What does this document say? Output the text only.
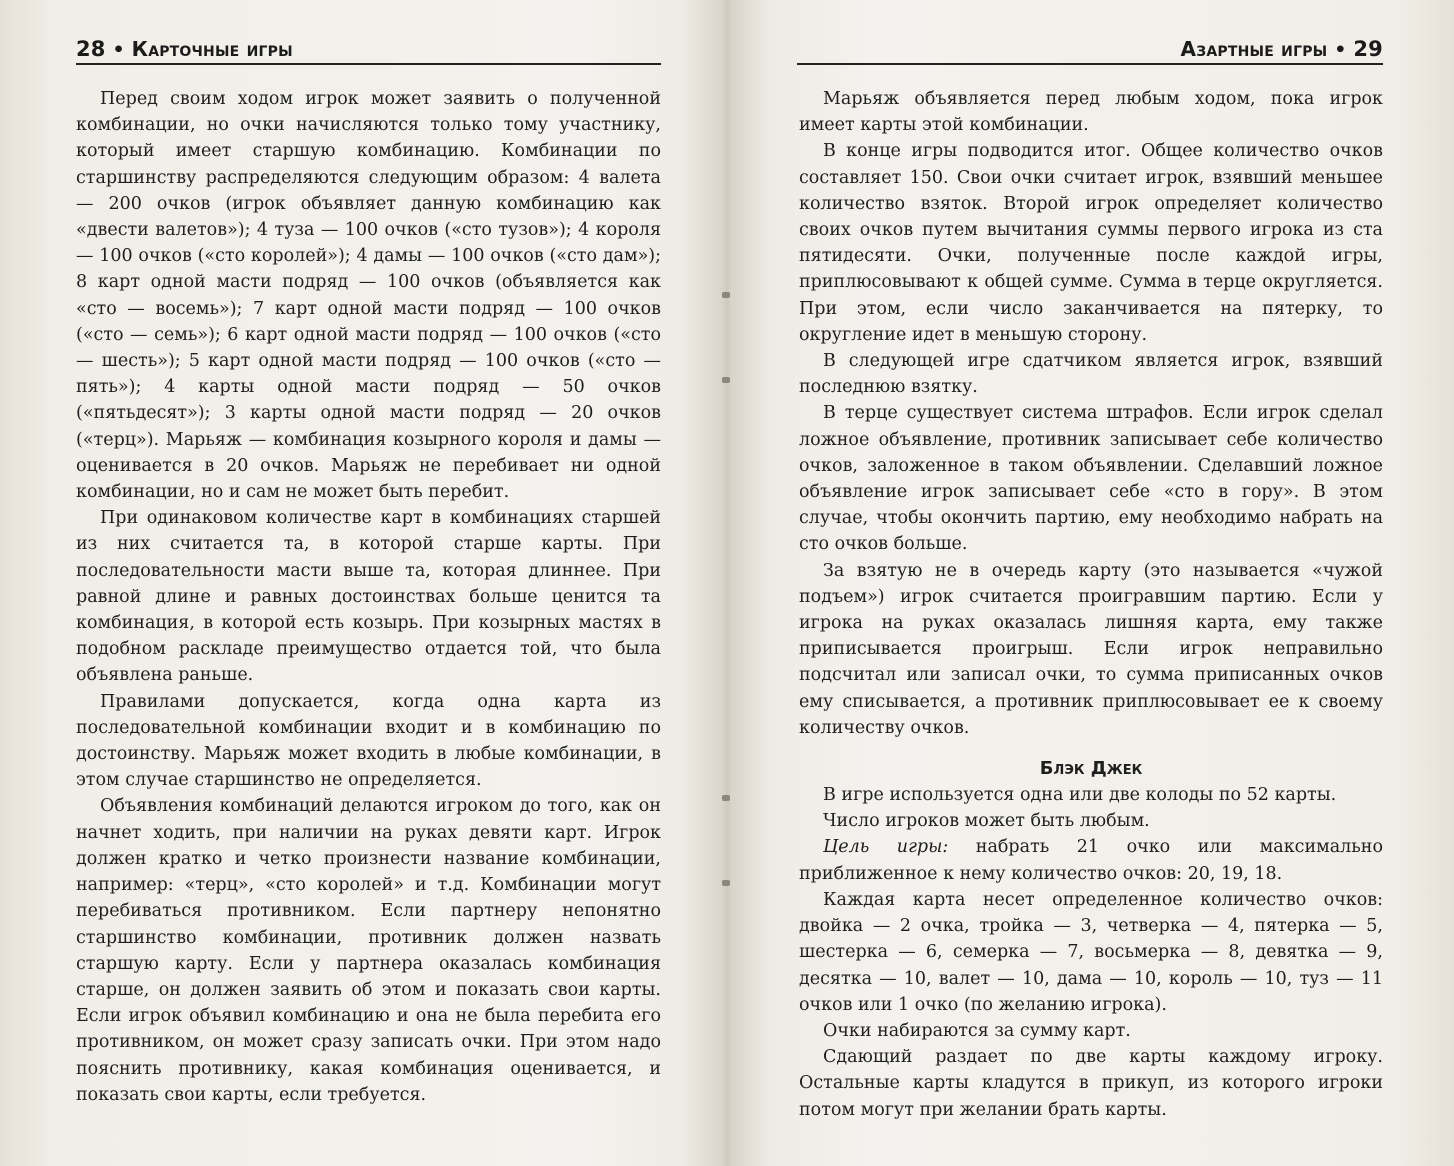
28 • Карточные игры

Перед своим ходом игрок может заявить о полученной комбинации, но очки начисляются только тому участнику, который имеет старшую комбинацию. Комбинации по старшинству распределяются следующим образом: 4 валета — 200 очков (игрок объявляет данную комбинацию как «двести валетов»); 4 туза — 100 очков («сто тузов»); 4 короля — 100 очков («сто королей»); 4 дамы — 100 очков («сто дам»); 8 карт одной масти подряд — 100 очков (объявляется как «сто — восемь»); 7 карт одной масти подряд — 100 очков («сто — семь»); 6 карт одной масти подряд — 100 очков («сто — шесть»); 5 карт одной масти подряд — 100 очков («сто — пять»); 4 карты одной масти подряд — 50 очков («пятьдесят»); 3 карты одной масти подряд — 20 очков («терц»). Марьяж — комбинация козырного короля и дамы — оценивается в 20 очков. Марьяж не перебивает ни одной комбинации, но и сам не может быть перебит.

При одинаковом количестве карт в комбинациях старшей из них считается та, в которой старше карты. При последовательности масти выше та, которая длиннее. При равной длине и равных достоинствах больше ценится та комбинация, в которой есть козырь. При козырных мастях в подобном раскладе преимущество отдается той, что была объявлена раньше.

Правилами допускается, когда одна карта из последовательной комбинации входит и в комбинацию по достоинству. Марьяж может входить в любые комбинации, в этом случае старшинство не определяется.

Объявления комбинаций делаются игроком до того, как он начнет ходить, при наличии на руках девяти карт. Игрок должен кратко и четко произнести название комбинации, например: «терц», «сто королей» и т.д. Комбинации могут перебиваться противником. Если партнеру непонятно старшинство комбинации, противник должен назвать старшую карту. Если у партнера оказалась комбинация старше, он должен заявить об этом и показать свои карты. Если игрок объявил комбинацию и она не была перебита его противником, он может сразу записать очки. При этом надо пояснить противнику, какая комбинация оценивается, и показать свои карты, если требуется.

Азартные игры • 29

Марьяж объявляется перед любым ходом, пока игрок имеет карты этой комбинации.

В конце игры подводится итог. Общее количество очков составляет 150. Свои очки считает игрок, взявший меньшее количество взяток. Второй игрок определяет количество своих очков путем вычитания суммы первого игрока из ста пятидесяти. Очки, полученные после каждой игры, приплюсовывают к общей сумме. Сумма в терце округляется. При этом, если число заканчивается на пятерку, то округление идет в меньшую сторону.

В следующей игре сдатчиком является игрок, взявший последнюю взятку.

В терце существует система штрафов. Если игрок сделал ложное объявление, противник записывает себе количество очков, заложенное в таком объявлении. Сделавший ложное объявление игрок записывает себе «сто в гору». В этом случае, чтобы окончить партию, ему необходимо набрать на сто очков больше.

За взятую не в очередь карту (это называется «чужой подъем») игрок считается проигравшим партию. Если у игрока на руках оказалась лишняя карта, ему также приписывается проигрыш. Если игрок неправильно подсчитал или записал очки, то сумма приписанных очков ему списывается, а противник приплюсовывает ее к своему количеству очков.

Блэк Джек

В игре используется одна или две колоды по 52 карты.

Число игроков может быть любым.

Цель игры: набрать 21 очко или максимально приближенное к нему количество очков: 20, 19, 18.

Каждая карта несет определенное количество очков: двойка — 2 очка, тройка — 3, четверка — 4, пятерка — 5, шестерка — 6, семерка — 7, восьмерка — 8, девятка — 9, десятка — 10, валет — 10, дама — 10, король — 10, туз — 11 очков или 1 очко (по желанию игрока).

Очки набираются за сумму карт.

Сдающий раздает по две карты каждому игроку. Остальные карты кладутся в прикуп, из которого игроки потом могут при желании брать карты.
